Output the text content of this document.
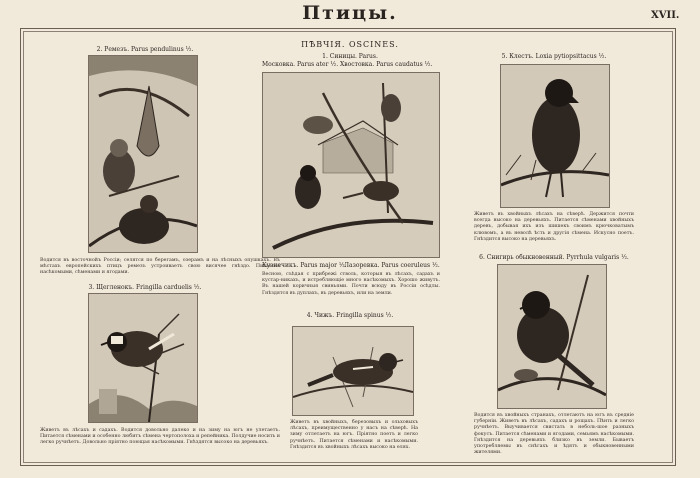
Птицы.	XVII.
ПѢВЧІЯ. OSCINES.
2. Ремезъ. Parus pendulinus ½.
Водится въ восточнойъ Россіи; селятся по берегамъ, озерамъ и на лѣсныхъ опушкахъ. Въ мѣстахъ европейскихъ птицъ ремезъ устроиваетъ свою висячее гнѣздо. Питается насѣкомыми, сѣменами и ягодами.
3. Щегленокъ. Fringilla carduelis ½.
Живетъ въ лѣсахъ и садахъ. Водится довольно далеко и на зиму на югъ не улетаетъ. Питается сѣменами и особенно любитъ сѣмена чертополоха и репейника. Полдучие носить и легко ручнѣетъ. Довольно пріятно поющая насѣкомыми. Гнѣздятся высоко на деревьяхъ.
1. Синицы. Parus.
Московка. Parus ater ½. Хвостовка. Parus caudatus ½.
Кузнечикъ. Parus major ½.
Лазоревка. Parus coeruleus ½.
Весною, съѣдая с прибрежі стволь, которыя въ лѣсахъ, садахъ и кустар-никахъ, и истребляющіе много насѣкомыхъ. Хорошо живутъ. Въ нашей коричныя свиньями. Почти всюду въ Россіи осѣдлы. Гнѣздятся въ дуплахъ, въ деревьяхъ, или на земли.
4. Чижъ. Fringilla spinus ½.
Живетъ въ хвойныхъ, березовыхъ и ольховыхъ лѣсахъ, преимущественно у насъ на сѣверѣ. На зиму отлетаетъ на югъ. Пріятно поетъ и легко ручнѣетъ. Питается сѣменами и насѣкомыми. Гнѣздится въ хвойныхъ лѣсахъ высоко на елях.
5. Клестъ. Loxia pytiopsittacus ½.
Живетъ въ хвойныхъ лѣсахъ на сѣверѣ. Держится почти всегда высоко на деревьяхъ. Питается сѣменами хвойныхъ деревъ, добывая ихъ изъ шишекъ своимъ крючковатымъ клювомъ, а въ неволѣ ѣсть и другія сѣмена. Искусно поетъ. Гнѣздится высоко на деревьяхъ.
6. Снигирь обыкновенный. Pyrrhula vulgaris ½.
Водится въ хвойныхъ странахъ, отлетаютъ на югъ въ средніе губерніи. Живетъ въ лѣсахъ, садахъ и рощахъ. Пѣнть и легко ручнѣетъ. Выучивается свистать в неболь-шое разныхъ фокусъ. Питается сѣменами и ягодами, семьямъ насѣкомыми. Гнѣздится на деревьяхъ близко въ земли. Бываетъ употребляемы въ снѣгахъ и ѣдятъ и обыкновенными жителями.
